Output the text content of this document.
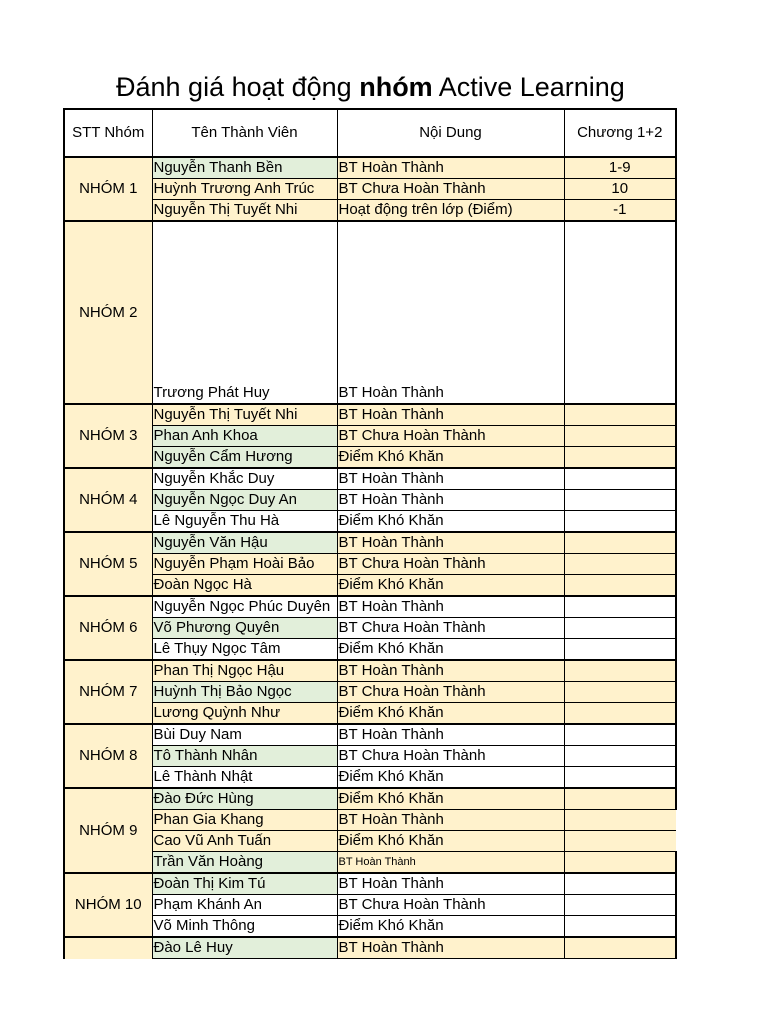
Đánh giá hoạt động nhóm Active Learning
STT Nhóm	Tên Thành Viên	Nội Dung	Chương 1+2
NHÓM 1	Nguyễn Thanh Bền	BT Hoàn Thành	1-9
	Huỳnh Trương Anh Trúc	BT Chưa Hoàn Thành	10
	Nguyễn Thị Tuyết Nhi	Hoạt động trên lớp (Điểm)	-1
NHÓM 2	Trương Phát Huy	BT Hoàn Thành	
NHÓM 3	Nguyễn Thị Tuyết Nhi	BT Hoàn Thành	
	Phan Anh Khoa	BT Chưa Hoàn Thành	
	Nguyễn Cẩm Hương	Điểm Khó Khăn	
NHÓM 4	Nguyễn Khắc Duy	BT Hoàn Thành	
	Nguyễn Ngọc Duy An	BT Hoàn Thành	
	Lê Nguyễn Thu Hà	Điểm Khó Khăn	
NHÓM 5	Nguyễn Văn Hậu	BT Hoàn Thành	
	Nguyễn Phạm Hoài Bảo	BT Chưa Hoàn Thành	
	Đoàn Ngọc Hà	Điểm Khó Khăn	
NHÓM 6	Nguyễn Ngọc Phúc Duyên	BT Hoàn Thành	
	Võ Phương Quyên	BT Chưa Hoàn Thành	
	Lê Thụy Ngọc Tâm	Điểm Khó Khăn	
NHÓM 7	Phan Thị Ngọc Hậu	BT Hoàn Thành	
	Huỳnh Thị Bảo Ngọc	BT Chưa Hoàn Thành	
	Lương Quỳnh Như	Điểm Khó Khăn	
NHÓM 8	Bùi Duy Nam	BT Hoàn Thành	
	Tô Thành Nhân	BT Chưa Hoàn Thành	
	Lê Thành Nhật	Điểm Khó Khăn	
NHÓM 9	Đào Đức Hùng	Điểm Khó Khăn	
	Phan Gia Khang	BT Hoàn Thành	
	Cao Vũ Anh Tuấn	Điểm Khó Khăn	
	Trần Văn Hoàng	BT Hoàn Thành	
NHÓM 10	Đoàn Thị Kim Tú	BT Hoàn Thành	
	Phạm Khánh An	BT Chưa Hoàn Thành	
	Võ Minh Thông	Điểm Khó Khăn	
	Đào Lê Huy	BT Hoàn Thành	
